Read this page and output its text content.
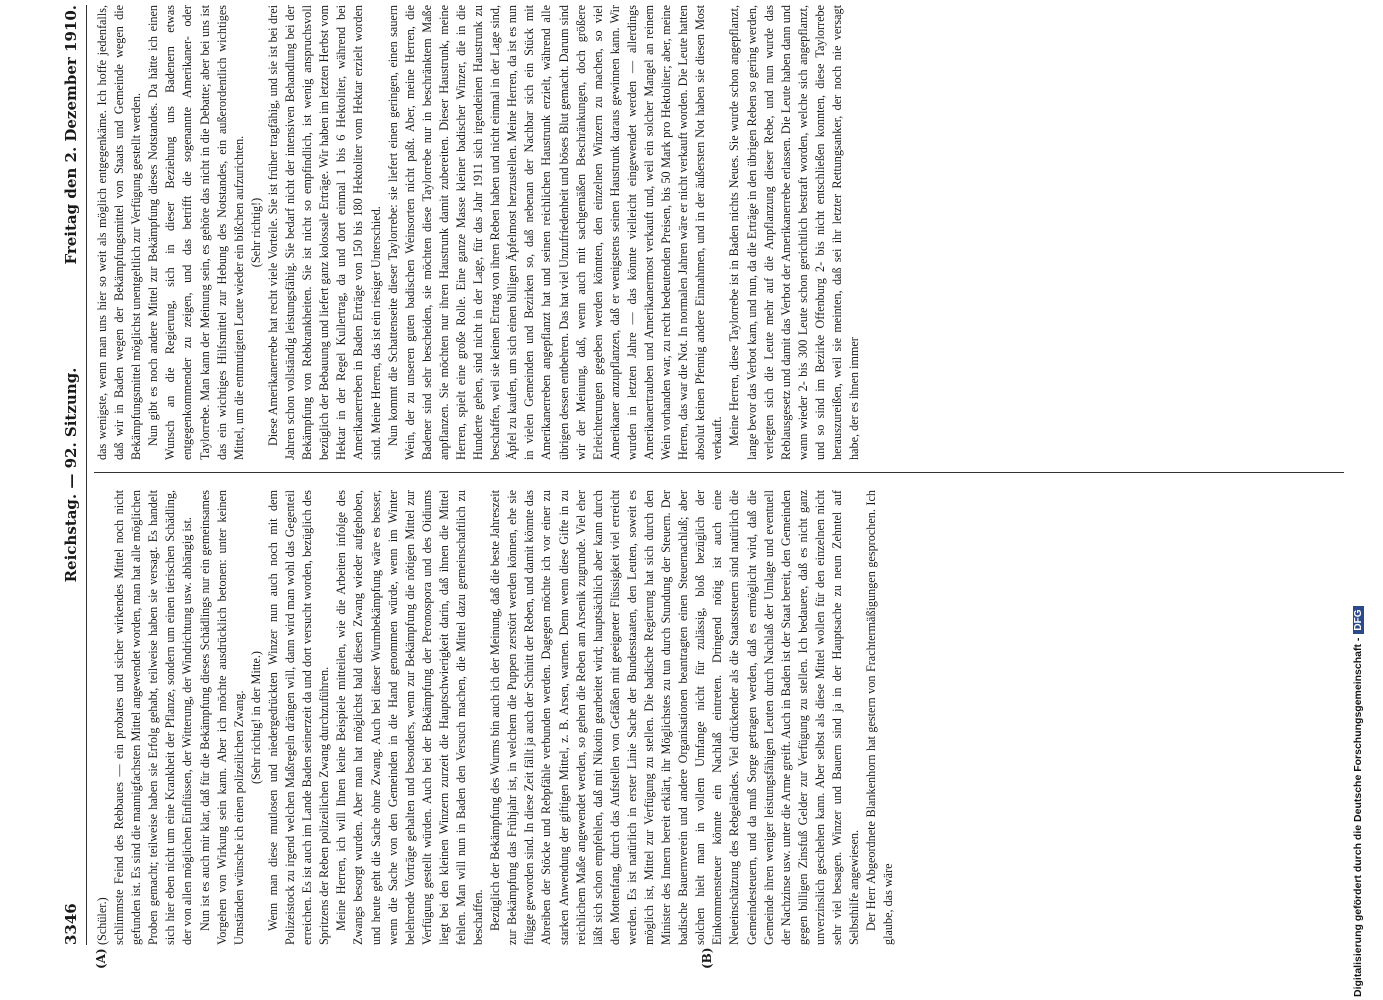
3346
Reichstag. — 92. Sitzung.
Freitag den 2. Dezember 1910.
(A)	(B)

(Schüler.) schlimmste Feind des Rebbaues — ein probates und sicher wirkendes Mittel noch nicht gefunden ist. Es sind die mannigfachsten Mittel angewendet worden, man hat alle möglichen Proben gemacht; teilweise haben sie Erfolg gehabt, teilweise haben sie versagt. Es handelt sich hier eben nicht um eine Krankheit der Pflanze, sondern um einen tierischen Schädling, der von allen möglichen Einflüssen, der Witterung, der Windrichtung usw. abhängig ist. Nun ist es auch mir klar, daß für die Bekämpfung dieses Schädlings nur ein gemeinsames Vorgehen von Wirkung sein kann. Aber ich möchte ausdrücklich betonen: unter keinen Umständen wünsche ich einen polizeilichen Zwang. (Sehr richtig! in der Mitte.) Wenn man diese mutlosen und niedergedrückten Winzer nun auch noch mit dem Polizeistock zu irgend welchen Maßregeln drängen will, dann wird man wohl das Gegenteil erreichen. Es ist auch im Lande Baden seinerzeit da und dort versucht worden, bezüglich des Spritzens der Reben polizeilichen Zwang durchzuführen. Meine Herren, ich will Ihnen keine Beispiele mitteilen, wie die Arbeiten infolge des Zwangs besorgt wurden. Aber man hat möglichst bald diesen Zwang wieder aufgehoben, und heute geht die Sache ohne Zwang. Auch bei dieser Wurmbekämpfung wäre es besser, wenn die Sache von den Gemeinden in die Hand genommen würde, wenn im Winter belehrende Vorträge gehalten und besonders, wenn zur Bekämpfung die nötigen Mittel zur Verfügung gestellt würden. Auch bei der Bekämpfung der Peronospora und des Oidiums liegt bei den kleinen Winzern zurzeit die Hauptschwierigkeit darin, daß ihnen die Mittel fehlen. Man will nun in Baden den Versuch machen, die Mittel dazu gemeinschaftlich zu beschaffen. Bezüglich der Bekämpfung des Wurms bin auch ich der Meinung, daß die beste Jahreszeit zur Bekämpfung das Frühjahr ist, in welchem die Puppen zerstört werden können, ehe sie flügge geworden sind. In diese Zeit fällt ja auch der Schnitt der Reben, und damit könnte das Abreiben der Stöcke und Rebpfähle verbunden werden. Dagegen möchte ich vor einer zu starken Anwendung der giftigen Mittel, z. B. Arsen, warnen. Denn wenn diese Gifte in zu reichlichem Maße angewendet werden, so gehen die Reben am Arsenik zugrunde. Viel eher läßt sich schon empfehlen, daß mit Nikotin gearbeitet wird; hauptsächlich aber kann durch den Mottenfang, durch das Aufstellen von Gefäßen mit geeigneter Flüssigkeit viel erreicht werden. Es ist natürlich in erster Linie Sache der Bundesstaaten, den Leuten, soweit es möglich ist, Mittel zur Verfügung zu stellen. Die badische Regierung hat sich durch den Minister des Innern bereit erklärt, ihr Möglichstes zu tun durch Stundung der Steuern. Der badische Bauernverein und andere Organisationen beantragten einen Steuernachlaß; aber solchen hielt man in vollem Umfange nicht für zulässig, bloß bezüglich der Einkommensteuer könnte ein Nachlaß eintreten. Dringend nötig ist auch eine Neueinschätzung des Rebgeländes. Viel drückender als die Staatssteuern sind natürlich die Gemeindesteuern, und da muß Sorge getragen werden, daß es ermöglicht wird, daß die Gemeinde ihren weniger leistungsfähigen Leuten durch Nachlaß der Umlage und eventuell der Nachzinse usw. unter die Arme greift. Auch in Baden ist der Staat bereit, den Gemeinden gegen billigen Zinsfuß Gelder zur Verfügung zu stellen. Ich bedauere, daß es nicht ganz unverzinslich geschehen kann. Aber selbst als diese Mittel wollen für den einzelnen nicht sehr viel besagen. Winzer und Bauern sind ja in der Hauptsache zu neun Zehntel auf Selbsthilfe angewiesen. Der Herr Abgeordnete Blankenhorn hat gestern von Frachtermäßigungen gesprochen. Ich glaube, das wäre

das wenigste, wenn man uns hier so weit als möglich entgegenkäme. Ich hoffe jedenfalls, daß wir in Baden wegen der Bekämpfungsmittel von Staats und Gemeinde wegen die Bekämpfungsmittel möglichst unentgeltlich zur Verfügung gestellt werden. Nun gibt es noch andere Mittel zur Bekämpfung dieses Notstandes. Da hätte ich einen Wunsch an die Regierung, sich in dieser Beziehung uns Badenern etwas entgegenkommender zu zeigen, und das betrifft die sogenannte Amerikaner- oder Taylorrebe. Man kann der Meinung sein, es gehöre das nicht in die Debatte; aber bei uns ist das ein wichtiges Hilfsmittel zur Hebung des Notstandes, ein außerordentlich wichtiges Mittel, um die entmutigten Leute wieder ein bißchen aufzurichten. (Sehr richtig!) Diese Amerikanerrebe hat recht viele Vorteile. Sie ist früher tragfähig, und sie ist bei drei Jahren schon vollständig leistungsfähig. Sie bedarf nicht der intensiven Behandlung bei der Bekämpfung von Rebkrankheiten. Sie ist nicht so empfindlich, ist wenig anspruchsvoll bezüglich der Bebauung und liefert ganz kolossale Erträge. Wir haben im letzten Herbst vom Hektar in der Regel Kullertrag, da und dort einmal 1 bis 6 Hektoliter, während bei Amerikanerreben in Baden Erträge von 150 bis 180 Hektoliter vom Hektar erzielt worden sind. Meine Herren, das ist ein riesiger Unterschied. Nun kommt die Schattenseite dieser Taylorrebe: sie liefert einen geringen, einen sauern Wein, der zu unseren guten badischen Weinsorten nicht paßt. Aber, meine Herren, die Badener sind sehr bescheiden, sie möchten diese Taylorrebe nur in beschränktem Maße anpflanzen. Sie möchten nur ihren Haustrunk damit zubereiten. Dieser Haustrunk, meine Herren, spielt eine große Rolle. Eine ganze Masse kleiner badischer Winzer, die in die Hunderte gehen, sind nicht in der Lage, für das Jahr 1911 sich irgendeinen Haustrunk zu beschaffen, weil sie keinen Ertrag von ihren Reben haben und nicht einmal in der Lage sind, Äpfel zu kaufen, um sich einen billigen Äpfelmost herzustellen. Meine Herren, da ist es nun in vielen Gemeinden und Bezirken so, daß nebenan der Nachbar sich ein Stück mit Amerikanerreben angepflanzt hat und seinen reichlichen Haustrunk erzielt, während alle übrigen dessen entbehren. Das hat viel Unzufriedenheit und böses Blut gemacht. Darum sind wir der Meinung, daß, wenn auch mit sachgemäßen Beschränkungen, doch größere Erleichterungen gegeben werden könnten, den einzelnen Winzern zu machen, so viel Amerikaner anzupflanzen, daß er wenigstens seinen Haustrunk daraus gewinnen kann. Wir wurden in letzten Jahre — das könnte vielleicht eingewendet werden — allerdings Amerikanertrauben und Amerikanermost verkauft und, weil ein solcher Mangel an reinem Wein vorhanden war, zu recht bedeutenden Preisen, bis 50 Mark pro Hektoliter; aber, meine Herren, das war die Not. In normalen Jahren wäre er nicht verkauft worden. Die Leute hatten absolut keinen Pfennig andere Einnahmen, und in der äußersten Not haben sie diesen Most verkauft. Meine Herren, diese Taylorrebe ist in Baden nichts Neues. Sie wurde schon angepflanzt, lange bevor das Verbot kam, und nun, da die Erträge in den übrigen Reben so gering werden, verlegten sich die Leute mehr auf die Anpflanzung dieser Rebe, und nun wurde das Reblausgesetz und damit das Verbot der Amerikanerrebe erlassen. Die Leute haben dann und wann wieder 2- bis 300 Leute schon gerichtlich bestraft worden, welche sich angepflanzt, und so sind im Bezirke Offenburg 2- bis nicht entschließen konnten, diese Taylorrebe herauszureißen, weil sie meinten, daß sei ihr letzter Rettungsanker, der noch nie versagt habe, der es ihnen immer

Digitalisierung gefördert durch die Deutsche Forschungsgemeinschaft -DFG
